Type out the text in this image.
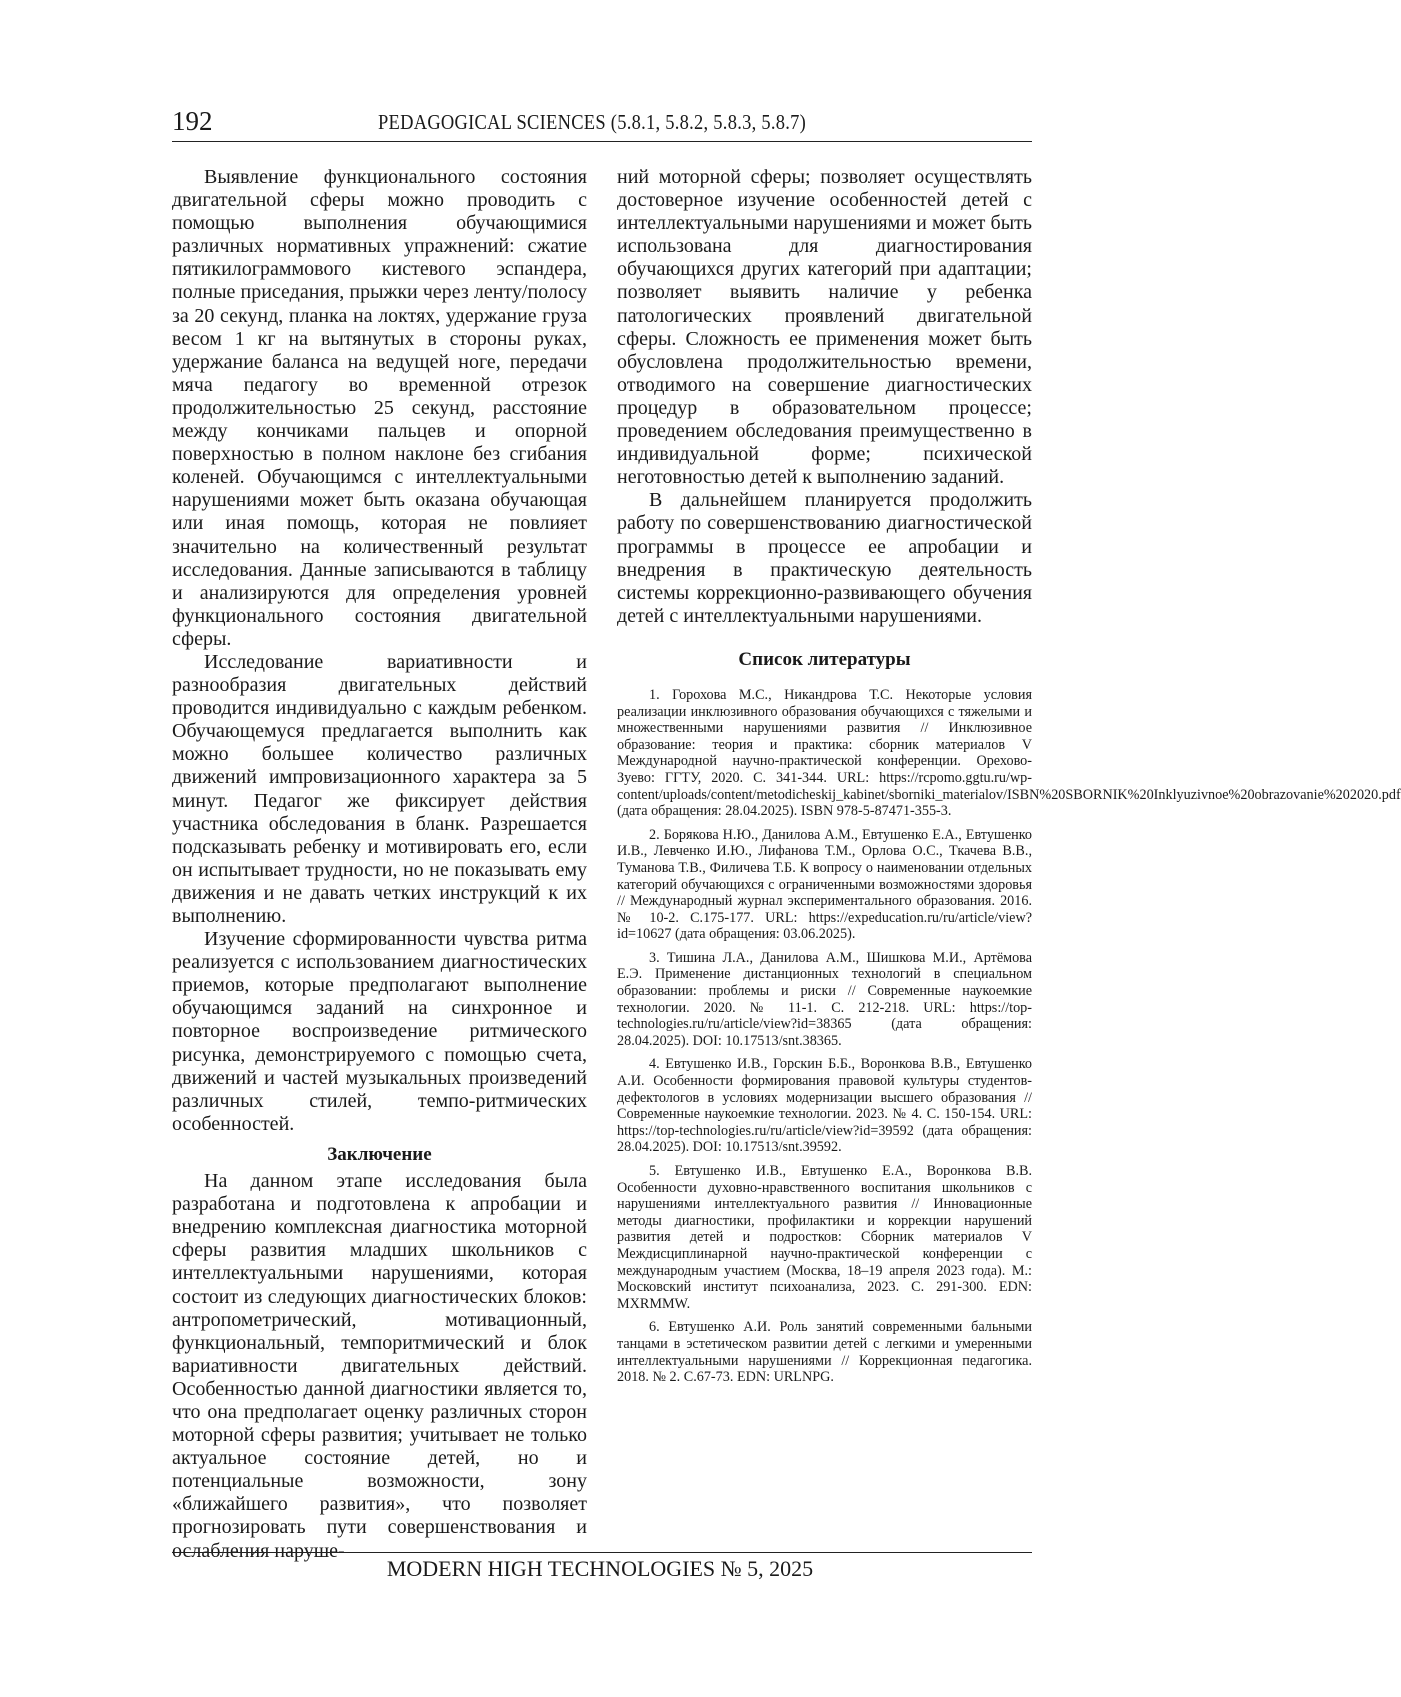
192	PEDAGOGICAL SCIENCES (5.8.1, 5.8.2, 5.8.3, 5.8.7)

Выявление функционального состояния двигательной сферы можно проводить с помощью выполнения обучающимися различных нормативных упражнений: сжатие пятикилограммового кистевого эспандера, полные приседания, прыжки через ленту/полосу за 20 секунд, планка на локтях, удержание груза весом 1 кг на вытянутых в стороны руках, удержание баланса на ведущей ноге, передачи мяча педагогу во временной отрезок продолжительностью 25 секунд, расстояние между кончиками пальцев и опорной поверхностью в полном наклоне без сгибания коленей. Обучающимся с интеллектуальными нарушениями может быть оказана обучающая или иная помощь, которая не повлияет значительно на количественный результат исследования. Данные записываются в таблицу и анализируются для определения уровней функционального состояния двигательной сферы.

Исследование вариативности и разнообразия двигательных действий проводится индивидуально с каждым ребенком. Обучающемуся предлагается выполнить как можно большее количество различных движений импровизационного характера за 5 минут. Педагог же фиксирует действия участника обследования в бланк. Разрешается подсказывать ребенку и мотивировать его, если он испытывает трудности, но не показывать ему движения и не давать четких инструкций к их выполнению.

Изучение сформированности чувства ритма реализуется с использованием диагностических приемов, которые предполагают выполнение обучающимся заданий на синхронное и повторное воспроизведение ритмического рисунка, демонстрируемого с помощью счета, движений и частей музыкальных произведений различных стилей, темпо-ритмических особенностей.

Заключение

На данном этапе исследования была разработана и подготовлена к апробации и внедрению комплексная диагностика моторной сферы развития младших школьников с интеллектуальными нарушениями, которая состоит из следующих диагностических блоков: антропометрический, мотивационный, функциональный, темпоритмический и блок вариативности двигательных действий. Особенностью данной диагностики является то, что она предполагает оценку различных сторон моторной сферы развития; учитывает не только актуальное состояние детей, но и потенциальные возможности, зону «ближайшего развития», что позволяет прогнозировать пути совершенствования и ослабления наруше-

ний моторной сферы; позволяет осуществлять достоверное изучение особенностей детей с интеллектуальными нарушениями и может быть использована для диагностирования обучающихся других категорий при адаптации; позволяет выявить наличие у ребенка патологических проявлений двигательной сферы. Сложность ее применения может быть обусловлена продолжительностью времени, отводимого на совершение диагностических процедур в образовательном процессе; проведением обследования преимущественно в индивидуальной форме; психической неготовностью детей к выполнению заданий.

В дальнейшем планируется продолжить работу по совершенствованию диагностической программы в процессе ее апробации и внедрения в практическую деятельность системы коррекционно-развивающего обучения детей с интеллектуальными нарушениями.

Список литературы

1. Горохова М.С., Никандрова Т.С. Некоторые условия реализации инклюзивного образования обучающихся с тяжелыми и множественными нарушениями развития // Инклюзивное образование: теория и практика: сборник материалов V Международной научно-практической конференции. Орехово-Зуево: ГГТУ, 2020. С. 341-344. URL: https://rcpomo.ggtu.ru/wp-content/uploads/content/metodicheskij_kabinet/sborniki_materialov/ISBN%20SBORNIK%20Inklyuzivnoe%20obrazovanie%202020.pdf (дата обращения: 28.04.2025). ISBN 978-5-87471-355-3.

2. Борякова Н.Ю., Данилова А.М., Евтушенко Е.А., Евтушенко И.В., Левченко И.Ю., Лифанова Т.М., Орлова О.С., Ткачева В.В., Туманова Т.В., Филичева Т.Б. К вопросу о наименовании отдельных категорий обучающихся с ограниченными возможностями здоровья // Международный журнал экспериментального образования. 2016. № 10-2. С.175-177. URL: https://expeducation.ru/ru/article/view?id=10627 (дата обращения: 03.06.2025).

3. Тишина Л.А., Данилова А.М., Шишкова М.И., Артёмова Е.Э. Применение дистанционных технологий в специальном образовании: проблемы и риски // Современные наукоемкие технологии. 2020. № 11-1. С. 212-218. URL: https://top-technologies.ru/ru/article/view?id=38365 (дата обращения: 28.04.2025). DOI: 10.17513/snt.38365.

4. Евтушенко И.В., Горскин Б.Б., Воронкова В.В., Евтушенко А.И. Особенности формирования правовой культуры студентов-дефектологов в условиях модернизации высшего образования // Современные наукоемкие технологии. 2023. № 4. С. 150-154. URL: https://top-technologies.ru/ru/article/view?id=39592 (дата обращения: 28.04.2025). DOI: 10.17513/snt.39592.

5. Евтушенко И.В., Евтушенко Е.А., Воронкова В.В. Особенности духовно-нравственного воспитания школьников с нарушениями интеллектуального развития // Инновационные методы диагностики, профилактики и коррекции нарушений развития детей и подростков: Сборник материалов V Междисциплинарной научно-практической конференции с международным участием (Москва, 18–19 апреля 2023 года). М.: Московский институт психоанализа, 2023. С. 291-300. EDN: MXRMMW.

6. Евтушенко А.И. Роль занятий современными бальными танцами в эстетическом развитии детей с легкими и умеренными интеллектуальными нарушениями // Коррекционная педагогика. 2018. № 2. С.67-73. EDN: URLNPG.

MODERN HIGH TECHNOLOGIES № 5, 2025
